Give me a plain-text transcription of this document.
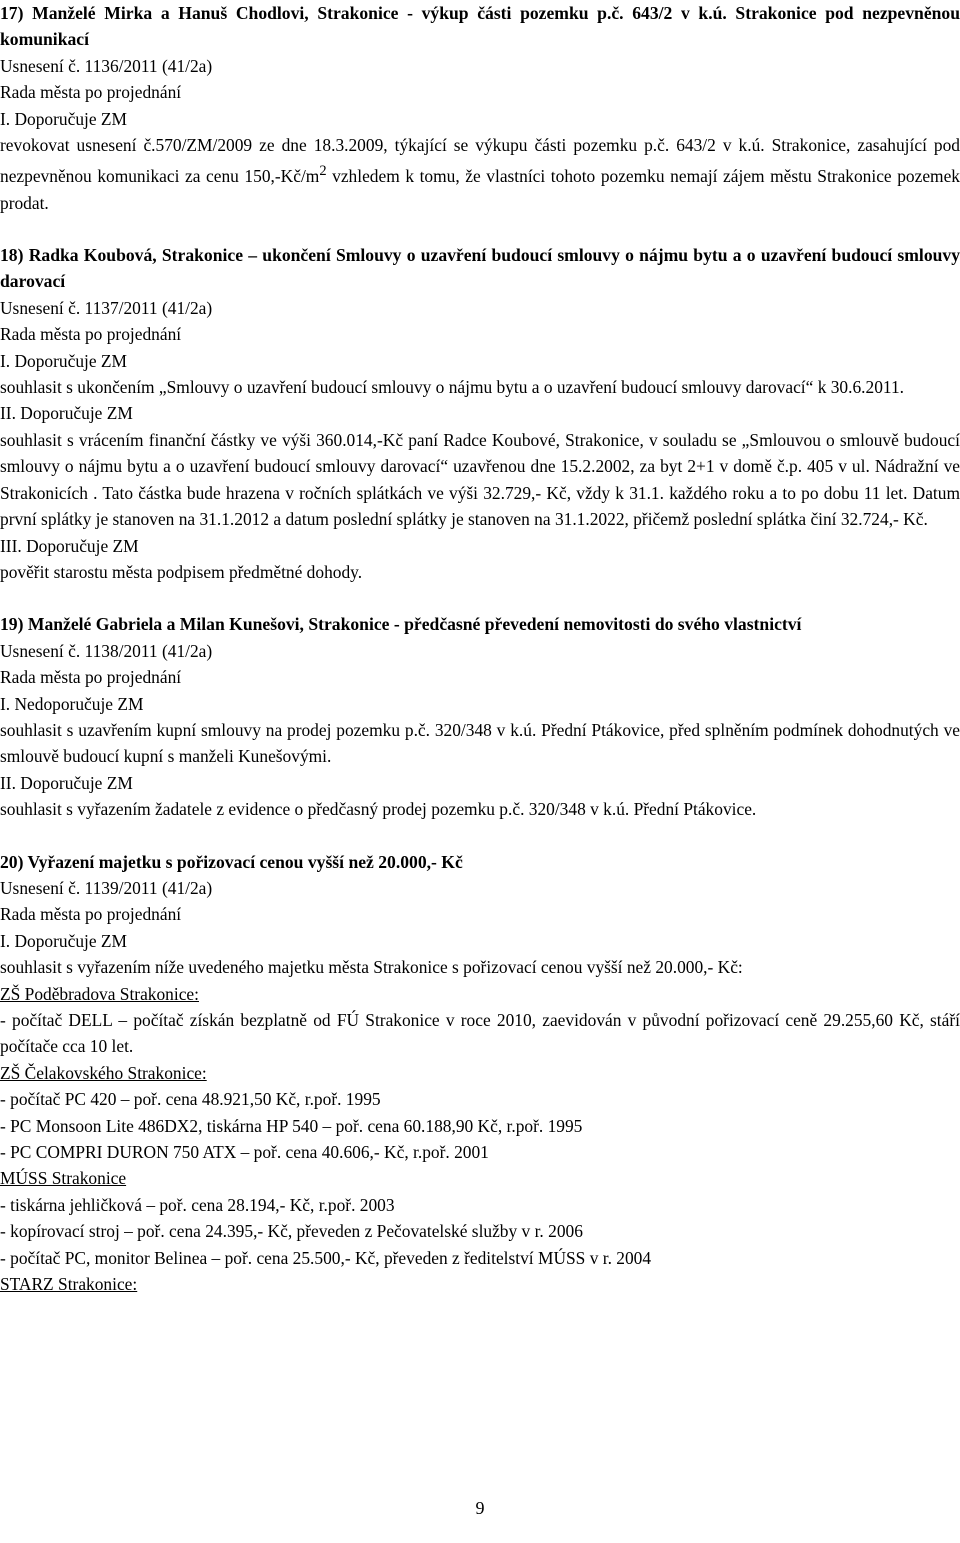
17) Manželé Mirka a Hanuš Chodlovi, Strakonice - výkup části pozemku p.č. 643/2 v k.ú. Strakonice pod nezpevněnou komunikací
Usnesení č. 1136/2011 (41/2a)
Rada města po projednání
I. Doporučuje ZM
revokovat usnesení č.570/ZM/2009 ze dne 18.3.2009, týkající se výkupu části pozemku p.č. 643/2 v k.ú. Strakonice, zasahující pod nezpevněnou komunikaci za cenu $150,-Kč/m^2$ vzhledem k tomu, že vlastníci tohoto pozemku nemají zájem městu Strakonice pozemek prodat.
18) Radka Koubová, Strakonice – ukončení Smlouvy o uzavření budoucí smlouvy o nájmu bytu a o uzavření budoucí smlouvy darovací
Usnesení č. 1137/2011 (41/2a)
Rada města po projednání
I. Doporučuje ZM
souhlasit s ukončením „Smlouvy o uzavření budoucí smlouvy o nájmu bytu a o uzavření budoucí smlouvy darovací“ k 30.6.2011.
II. Doporučuje ZM
souhlasit s vrácením finanční částky ve výši 360.014,-Kč paní Radce Koubové, Strakonice, v souladu se „Smlouvou o smlouvě budoucí smlouvy o nájmu bytu a o uzavření budoucí smlouvy darovací“ uzavřenou dne 15.2.2002, za byt 2+1 v domě č.p. 405 v ul. Nádražní ve Strakonicích . Tato částka bude hrazena v ročních splátkách ve výši 32.729,- Kč, vždy k 31.1. každého roku a to po dobu 11 let. Datum první splátky je stanoven na 31.1.2012 a datum poslední splátky je stanoven na 31.1.2022, přičemž poslední splátka činí 32.724,- Kč.
III. Doporučuje ZM
pověřit starostu města podpisem předmětné dohody.
19) Manželé Gabriela a Milan Kunešovi, Strakonice - předčasné převedení nemovitosti do svého vlastnictví
Usnesení č. 1138/2011 (41/2a)
Rada města po projednání
I. Nedoporučuje ZM
souhlasit s uzavřením kupní smlouvy na prodej pozemku p.č. 320/348 v k.ú. Přední Ptákovice, před splněním podmínek dohodnutých ve smlouvě budoucí kupní s manželi Kunešovými.
II. Doporučuje ZM
souhlasit s vyřazením žadatele z evidence o předčasný prodej pozemku p.č. 320/348 v k.ú. Přední Ptákovice.
20) Vyřazení majetku s pořizovací cenou vyšší než 20.000,- Kč
Usnesení č. 1139/2011 (41/2a)
Rada města po projednání
I. Doporučuje ZM
souhlasit s vyřazením níže uvedeného majetku města Strakonice s pořizovací cenou vyšší než 20.000,- Kč:
ZŠ Poděbradova Strakonice:
- počítač DELL – počítač získán bezplatně od FÚ Strakonice v roce 2010, zaevidován v původní pořizovací ceně 29.255,60 Kč, stáří počítače cca 10 let.
ZŠ Čelakovského Strakonice:
- počítač PC 420 – poř. cena 48.921,50 Kč, r.poř. 1995
- PC Monsoon Lite 486DX2, tiskárna HP 540 – poř. cena 60.188,90 Kč, r.poř. 1995
- PC COMPRI DURON 750 ATX – poř. cena 40.606,- Kč, r.poř. 2001
MÚSS Strakonice
- tiskárna jehličková – poř. cena 28.194,- Kč, r.poř. 2003
- kopírovací stroj – poř. cena 24.395,- Kč, převeden z Pečovatelské služby v r. 2006
- počítač PC, monitor Belinea – poř. cena 25.500,- Kč, převeden z ředitelství MÚSS v r. 2004
STARZ Strakonice:
9
